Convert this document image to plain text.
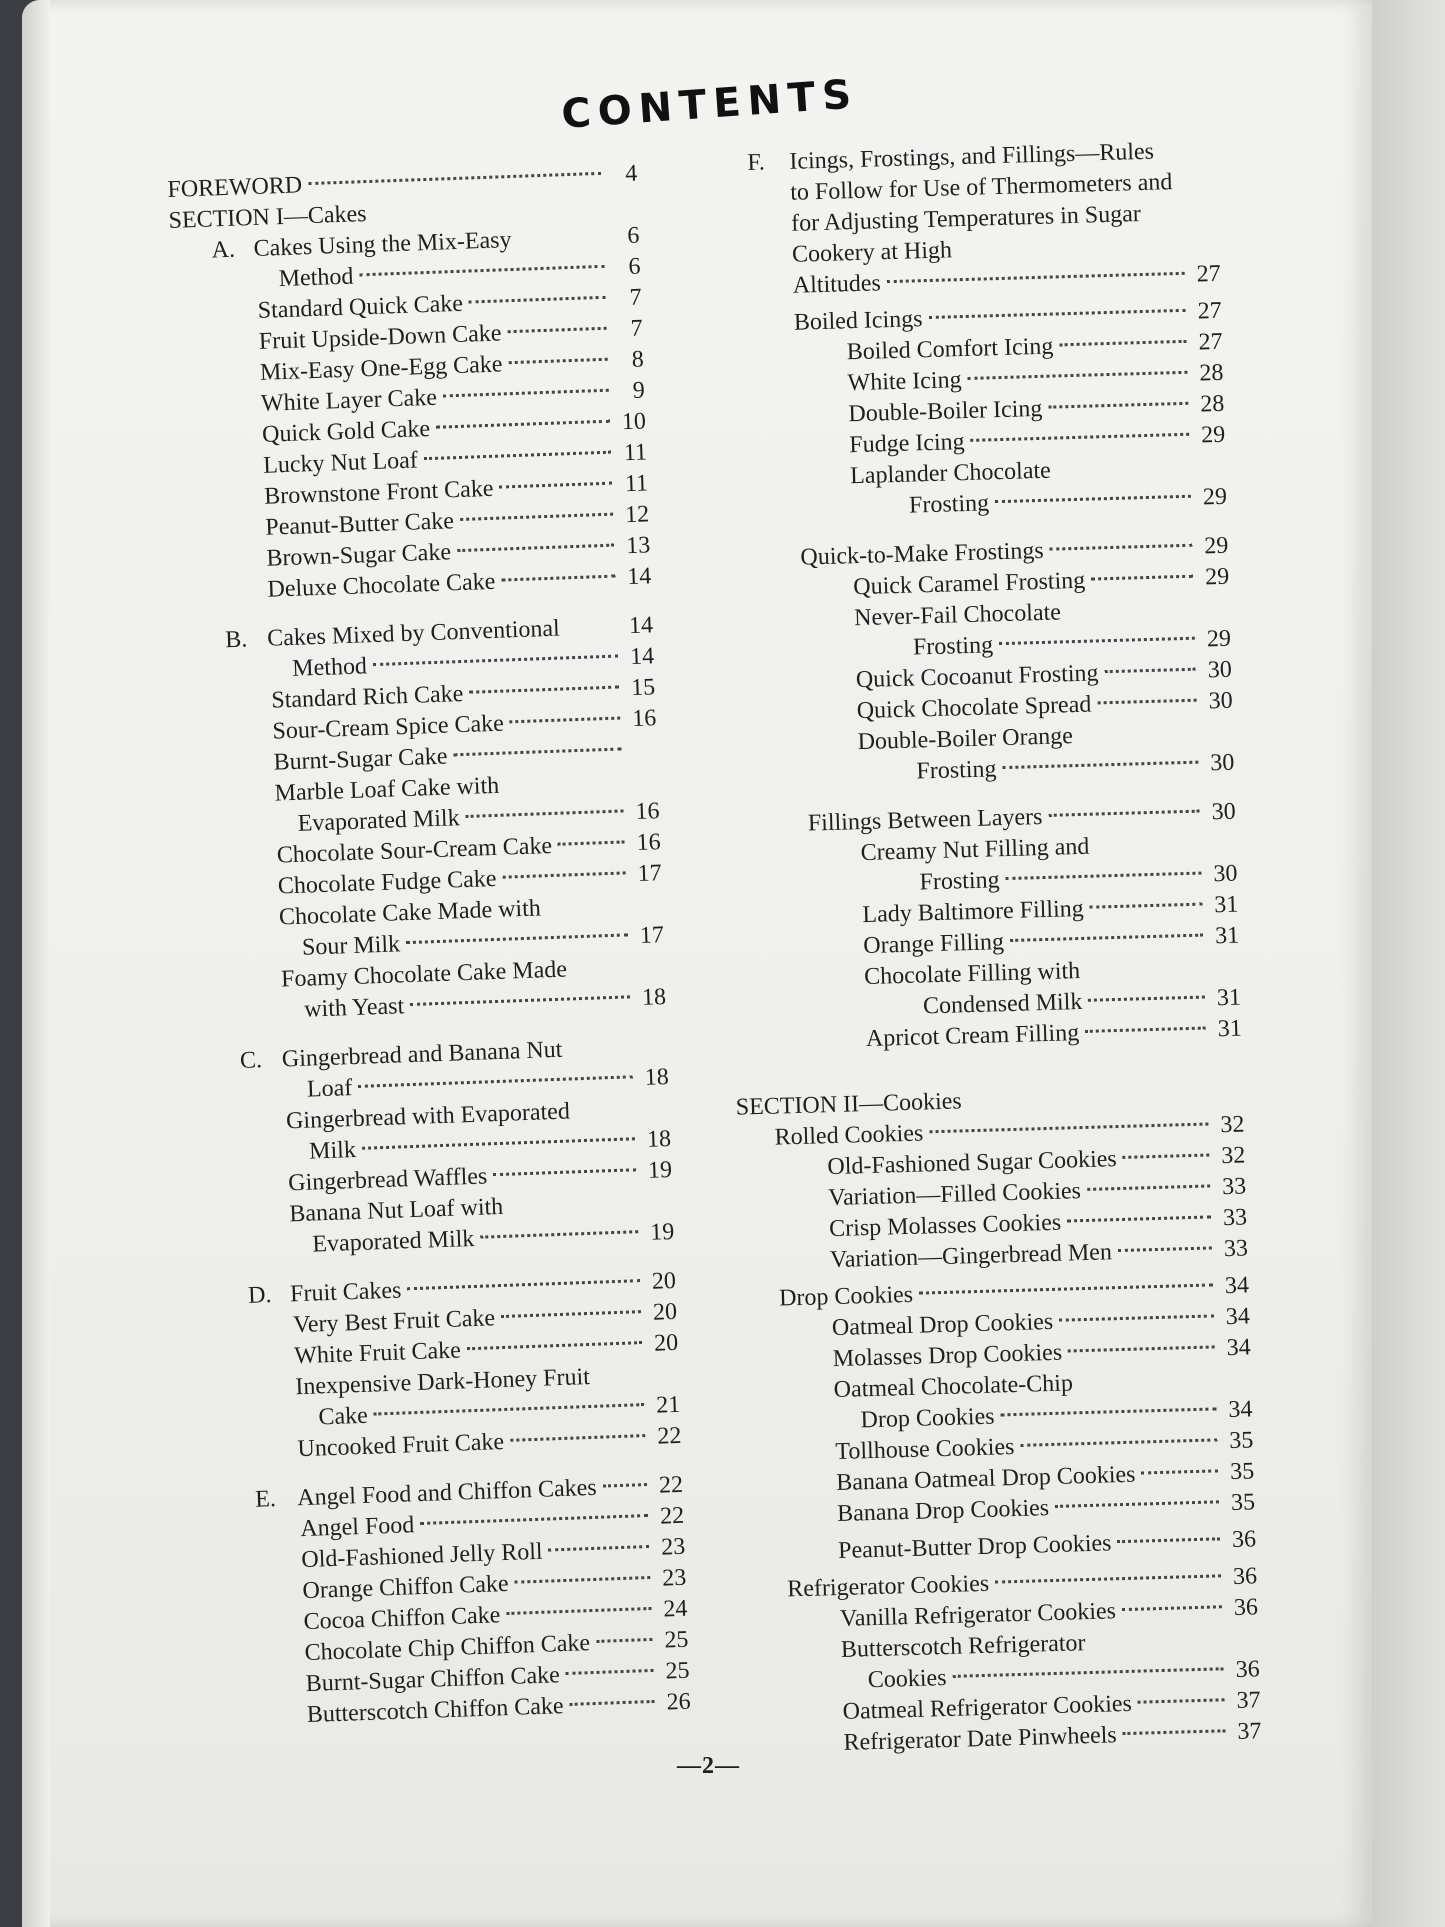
CONTENTS
FOREWORD	4
SECTION I—Cakes
A. Cakes Using the Mix-Easy	6
Method	6
Standard Quick Cake	7
Fruit Upside-Down Cake	7
Mix-Easy One-Egg Cake	8
White Layer Cake	9
Quick Gold Cake	10
Lucky Nut Loaf	11
Brownstone Front Cake	11
Peanut-Butter Cake	12
Brown-Sugar Cake	13
Deluxe Chocolate Cake	14
B. Cakes Mixed by Conventional	14
Method	14
Standard Rich Cake	15
Sour-Cream Spice Cake	16
Burnt-Sugar Cake
Marble Loaf Cake with
Evaporated Milk	16
Chocolate Sour-Cream Cake	16
Chocolate Fudge Cake	17
Chocolate Cake Made with
Sour Milk	17
Foamy Chocolate Cake Made
with Yeast	18
C. Gingerbread and Banana Nut
Loaf	18
Gingerbread with Evaporated
Milk	18
Gingerbread Waffles	19
Banana Nut Loaf with
Evaporated Milk	19
D. Fruit Cakes	20
Very Best Fruit Cake	20
White Fruit Cake	20
Inexpensive Dark-Honey Fruit
Cake	21
Uncooked Fruit Cake	22
E. Angel Food and Chiffon Cakes	22
Angel Food	22
Old-Fashioned Jelly Roll	23
Orange Chiffon Cake	23
Cocoa Chiffon Cake	24
Chocolate Chip Chiffon Cake	25
Burnt-Sugar Chiffon Cake	25
Butterscotch Chiffon Cake	26
F. Icings, Frostings, and Fillings—Rules to Follow for Use of Thermometers and for Adjusting Temperatures in Sugar Cookery at High
Altitudes	27
Boiled Icings	27
Boiled Comfort Icing	27
White Icing	28
Double-Boiler Icing	28
Fudge Icing	29
Laplander Chocolate
Frosting	29
Quick-to-Make Frostings	29
Quick Caramel Frosting	29
Never-Fail Chocolate
Frosting	29
Quick Cocoanut Frosting	30
Quick Chocolate Spread	30
Double-Boiler Orange
Frosting	30
Fillings Between Layers	30
Creamy Nut Filling and
Frosting	30
Lady Baltimore Filling	31
Orange Filling	31
Chocolate Filling with
Condensed Milk	31
Apricot Cream Filling	31
SECTION II—Cookies
Rolled Cookies	32
Old-Fashioned Sugar Cookies	32
Variation—Filled Cookies	33
Crisp Molasses Cookies	33
Variation—Gingerbread Men	33
Drop Cookies	34
Oatmeal Drop Cookies	34
Molasses Drop Cookies	34
Oatmeal Chocolate-Chip
Drop Cookies	34
Tollhouse Cookies	35
Banana Oatmeal Drop Cookies	35
Banana Drop Cookies	35
Peanut-Butter Drop Cookies	36
Refrigerator Cookies	36
Vanilla Refrigerator Cookies	36
Butterscotch Refrigerator
Cookies	36
Oatmeal Refrigerator Cookies	37
Refrigerator Date Pinwheels	37
—2—
